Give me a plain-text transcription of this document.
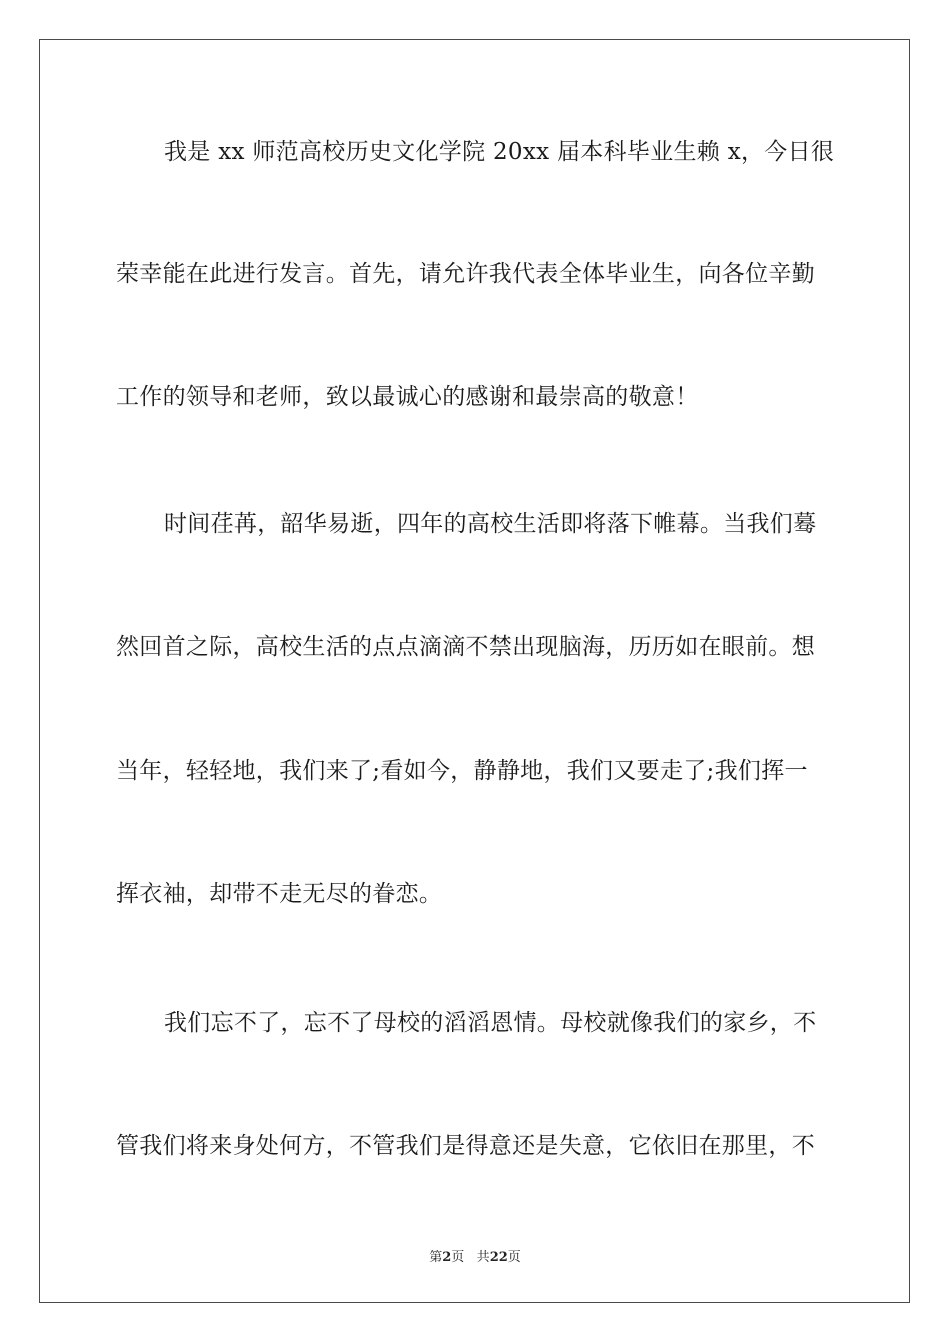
我是 xx 师范高校历史文化学院 20xx 届本科毕业生赖 x，今日很
荣幸能在此进行发言。首先，请允许我代表全体毕业生，向各位辛勤
工作的领导和老师，致以最诚心的感谢和最崇高的敬意！
时间荏苒，韶华易逝，四年的高校生活即将落下帷幕。当我们蓦
然回首之际，高校生活的点点滴滴不禁出现脑海，历历如在眼前。想
当年，轻轻地，我们来了;看如今，静静地，我们又要走了;我们挥一
挥衣袖，却带不走无尽的眷恋。
我们忘不了，忘不了母校的滔滔恩情。母校就像我们的家乡，不
管我们将来身处何方，不管我们是得意还是失意，它依旧在那里，不
第2页 共22页
